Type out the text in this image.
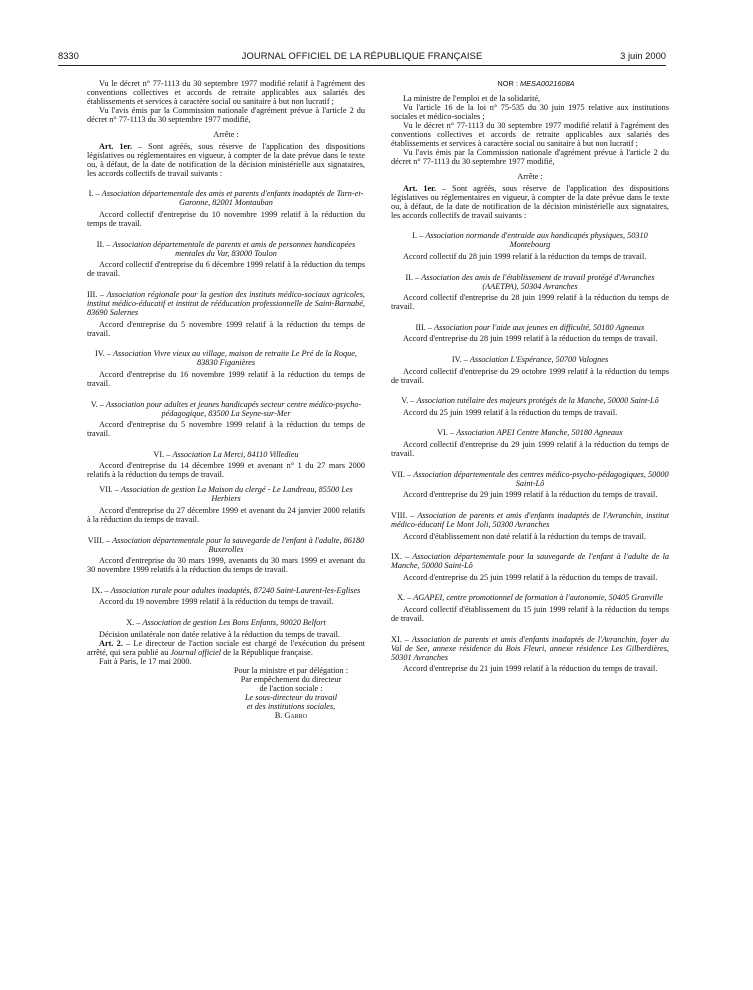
8330	JOURNAL OFFICIEL DE LA RÉPUBLIQUE FRANÇAISE	3 juin 2000

Vu le décret n° 77-1113 du 30 septembre 1977 modifié relatif à l'agrément des conventions collectives et accords de retraite applicables aux salariés des établissements et services à caractère social ou sanitaire à but non lucratif ;

Vu l'avis émis par la Commission nationale d'agrément prévue à l'article 2 du décret n° 77-1113 du 30 septembre 1977 modifié,

Arrête :

Art. 1er. – Sont agréés, sous réserve de l'application des dispositions législatives ou réglementaires en vigueur, à compter de la date prévue dans le texte ou, à défaut, de la date de notification de la décision ministérielle aux signataires, les accords collectifs de travail suivants :

I. – Association départementale des amis et parents d'enfants inadaptés de Tarn-et-Garonne, 82001 Montauban

Accord collectif d'entreprise du 10 novembre 1999 relatif à la réduction du temps de travail.

II. – Association départementale de parents et amis de personnes handicapées mentales du Var, 83000 Toulon

Accord collectif d'entreprise du 6 décembre 1999 relatif à la réduction du temps de travail.

III. – Association régionale pour la gestion des instituts médico-sociaux agricoles, institut médico-éducatif et institut de rééducation professionnelle de Saint-Barnabé, 83690 Salernes

Accord d'entreprise du 5 novembre 1999 relatif à la réduction du temps de travail.

IV. – Association Vivre vieux au village, maison de retraite Le Pré de la Roque, 83830 Figanières

Accord d'entreprise du 16 novembre 1999 relatif à la réduction du temps de travail.

V. – Association pour adultes et jeunes handicapés secteur centre médico-psycho-pédagogique, 83500 La Seyne-sur-Mer

Accord d'entreprise du 5 novembre 1999 relatif à la réduction du temps de travail.

VI. – Association La Merci, 84110 Villedieu

Accord d'entreprise du 14 décembre 1999 et avenant n° 1 du 27 mars 2000 relatifs à la réduction du temps de travail.

VII. – Association de gestion La Maison du clergé - Le Landreau, 85500 Les Herbiers

Accord d'entreprise du 27 décembre 1999 et avenant du 24 janvier 2000 relatifs à la réduction du temps de travail.

VIII. – Association départementale pour la sauvegarde de l'enfant à l'adulte, 86180 Buxerolles

Accord d'entreprise du 30 mars 1999, avenants du 30 mars 1999 et avenant du 30 novembre 1999 relatifs à la réduction du temps de travail.

IX. – Association rurale pour adultes inadaptés, 87240 Saint-Laurent-les-Eglises

Accord du 19 novembre 1999 relatif à la réduction du temps de travail.

X. – Association de gestion Les Bons Enfants, 90020 Belfort

Décision unilatérale non datée relative à la réduction du temps de travail.

Art. 2. – Le directeur de l'action sociale est chargé de l'exécution du présent arrêté, qui sera publié au Journal officiel de la République française.

Fait à Paris, le 17 mai 2000.

Pour la ministre et par délégation :

Par empêchement du directeur

de l'action sociale :

Le sous-directeur du travail

et des institutions sociales,

B. Garro

NOR : MESA0021608A

La ministre de l'emploi et de la solidarité,

Vu l'article 16 de la loi n° 75-535 du 30 juin 1975 relative aux institutions sociales et médico-sociales ;

Vu le décret n° 77-1113 du 30 septembre 1977 modifié relatif à l'agrément des conventions collectives et accords de retraite applicables aux salariés des établissements et services à caractère social ou sanitaire à but non lucratif ;

Vu l'avis émis par la Commission nationale d'agrément prévue à l'article 2 du décret n° 77-1113 du 30 septembre 1977 modifié,

Arrête :

Art. 1er. – Sont agréés, sous réserve de l'application des dispositions législatives ou réglementaires en vigueur, à compter de la date prévue dans le texte ou, à défaut, de la date de notification de la décision ministérielle aux signataires, les accords collectifs de travail suivants :

I. – Association normande d'entraide aux handicapés physiques, 50310 Montebourg

Accord collectif du 28 juin 1999 relatif à la réduction du temps de travail.

II. – Association des amis de l'établissement de travail protégé d'Avranches (AAETPA), 50304 Avranches

Accord collectif d'entreprise du 28 juin 1999 relatif à la réduction du temps de travail.

III. – Association pour l'aide aux jeunes en difficulté, 50180 Agneaux

Accord d'entreprise du 28 juin 1999 relatif à la réduction du temps de travail.

IV. – Association L'Espérance, 50700 Valognes

Accord collectif d'entreprise du 29 octobre 1999 relatif à la réduction du temps de travail.

V. – Association tutélaire des majeurs protégés de la Manche, 50000 Saint-Lô

Accord du 25 juin 1999 relatif à la réduction du temps de travail.

VI. – Association APEI Centre Manche, 50180 Agneaux

Accord collectif d'entreprise du 29 juin 1999 relatif à la réduction du temps de travail.

VII. – Association départementale des centres médico-psycho-pédagogiques, 50000 Saint-Lô

Accord d'entreprise du 29 juin 1999 relatif à la réduction du temps de travail.

VIII. – Association de parents et amis d'enfants inadaptés de l'Avranchin, institut médico-éducatif Le Mont Joli, 50300 Avranches

Accord d'établissement non daté relatif à la réduction du temps de travail.

IX. – Association départementale pour la sauvegarde de l'enfant à l'adulte de la Manche, 50000 Saint-Lô

Accord d'entreprise du 25 juin 1999 relatif à la réduction du temps de travail.

X. – AGAPEI, centre promotionnel de formation à l'autonomie, 50405 Granville

Accord collectif d'établissement du 15 juin 1999 relatif à la réduction du temps de travail.

XI. – Association de parents et amis d'enfants inadaptés de l'Avranchin, foyer du Val de See, annexe résidence du Bois Fleuri, annexe résidence Les Gilberdières, 50301 Avranches

Accord d'entreprise du 21 juin 1999 relatif à la réduction du temps de travail.
